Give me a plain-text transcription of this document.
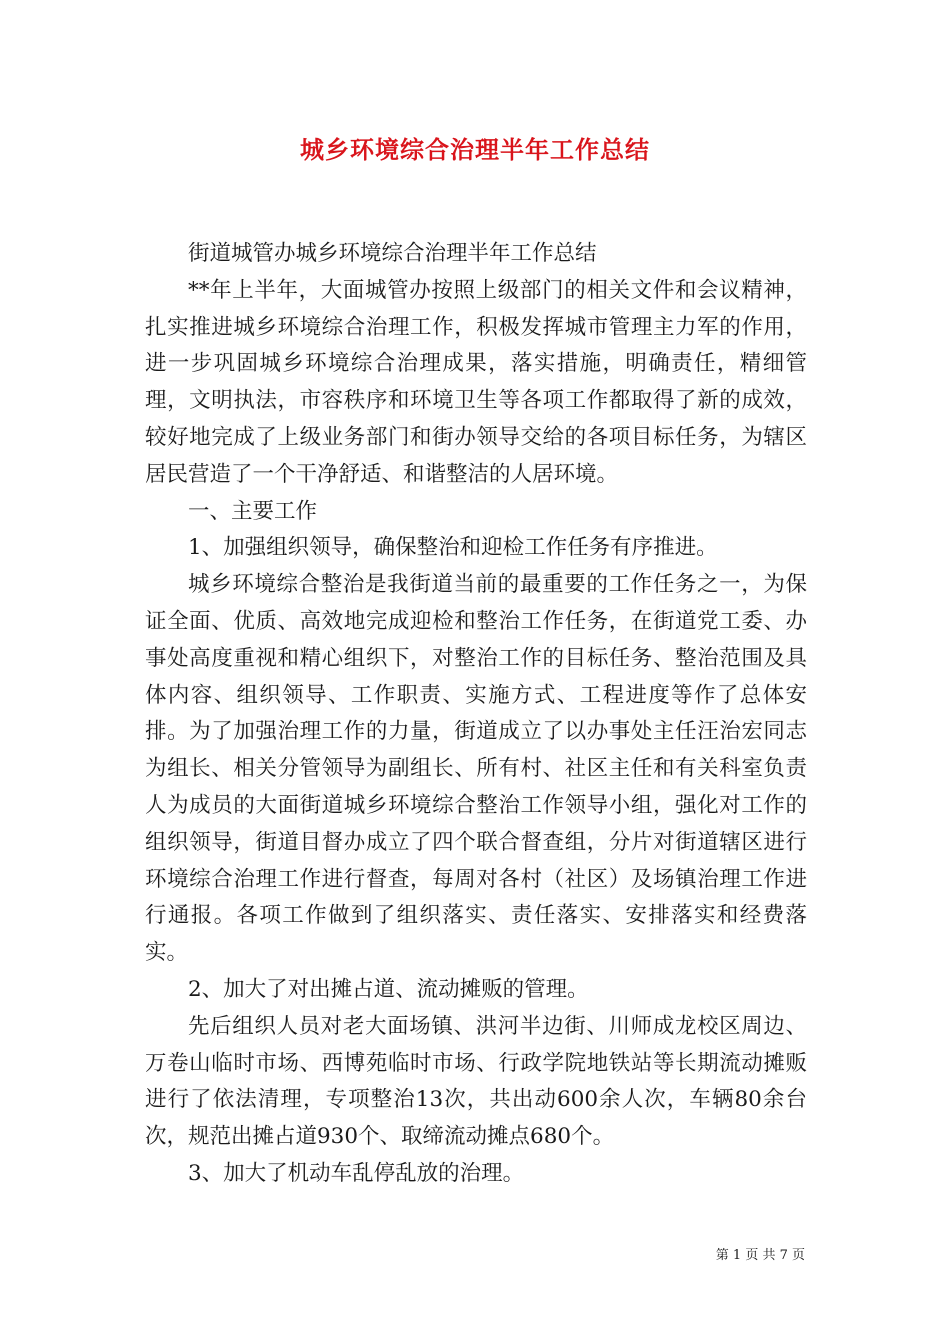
城乡环境综合治理半年工作总结

街道城管办城乡环境综合治理半年工作总结

**年上半年，大面城管办按照上级部门的相关文件和会议精神，扎实推进城乡环境综合治理工作，积极发挥城市管理主力军的作用，进一步巩固城乡环境综合治理成果，落实措施，明确责任，精细管理，文明执法，市容秩序和环境卫生等各项工作都取得了新的成效，较好地完成了上级业务部门和街办领导交给的各项目标任务，为辖区居民营造了一个干净舒适、和谐整洁的人居环境。

一、主要工作

1、加强组织领导，确保整治和迎检工作任务有序推进。

城乡环境综合整治是我街道当前的最重要的工作任务之一，为保证全面、优质、高效地完成迎检和整治工作任务，在街道党工委、办事处高度重视和精心组织下，对整治工作的目标任务、整治范围及具体内容、组织领导、工作职责、实施方式、工程进度等作了总体安排。为了加强治理工作的力量，街道成立了以办事处主任汪治宏同志为组长、相关分管领导为副组长、所有村、社区主任和有关科室负责人为成员的大面街道城乡环境综合整治工作领导小组，强化对工作的组织领导，街道目督办成立了四个联合督查组，分片对街道辖区进行环境综合治理工作进行督查，每周对各村（社区）及场镇治理工作进行通报。各项工作做到了组织落实、责任落实、安排落实和经费落实。

2、加大了对出摊占道、流动摊贩的管理。

先后组织人员对老大面场镇、洪河半边街、川师成龙校区周边、万卷山临时市场、西博苑临时市场、行政学院地铁站等长期流动摊贩进行了依法清理，专项整治13次，共出动600余人次，车辆80余台次，规范出摊占道930个、取缔流动摊点680个。

3、加大了机动车乱停乱放的治理。

第 1 页 共 7 页
